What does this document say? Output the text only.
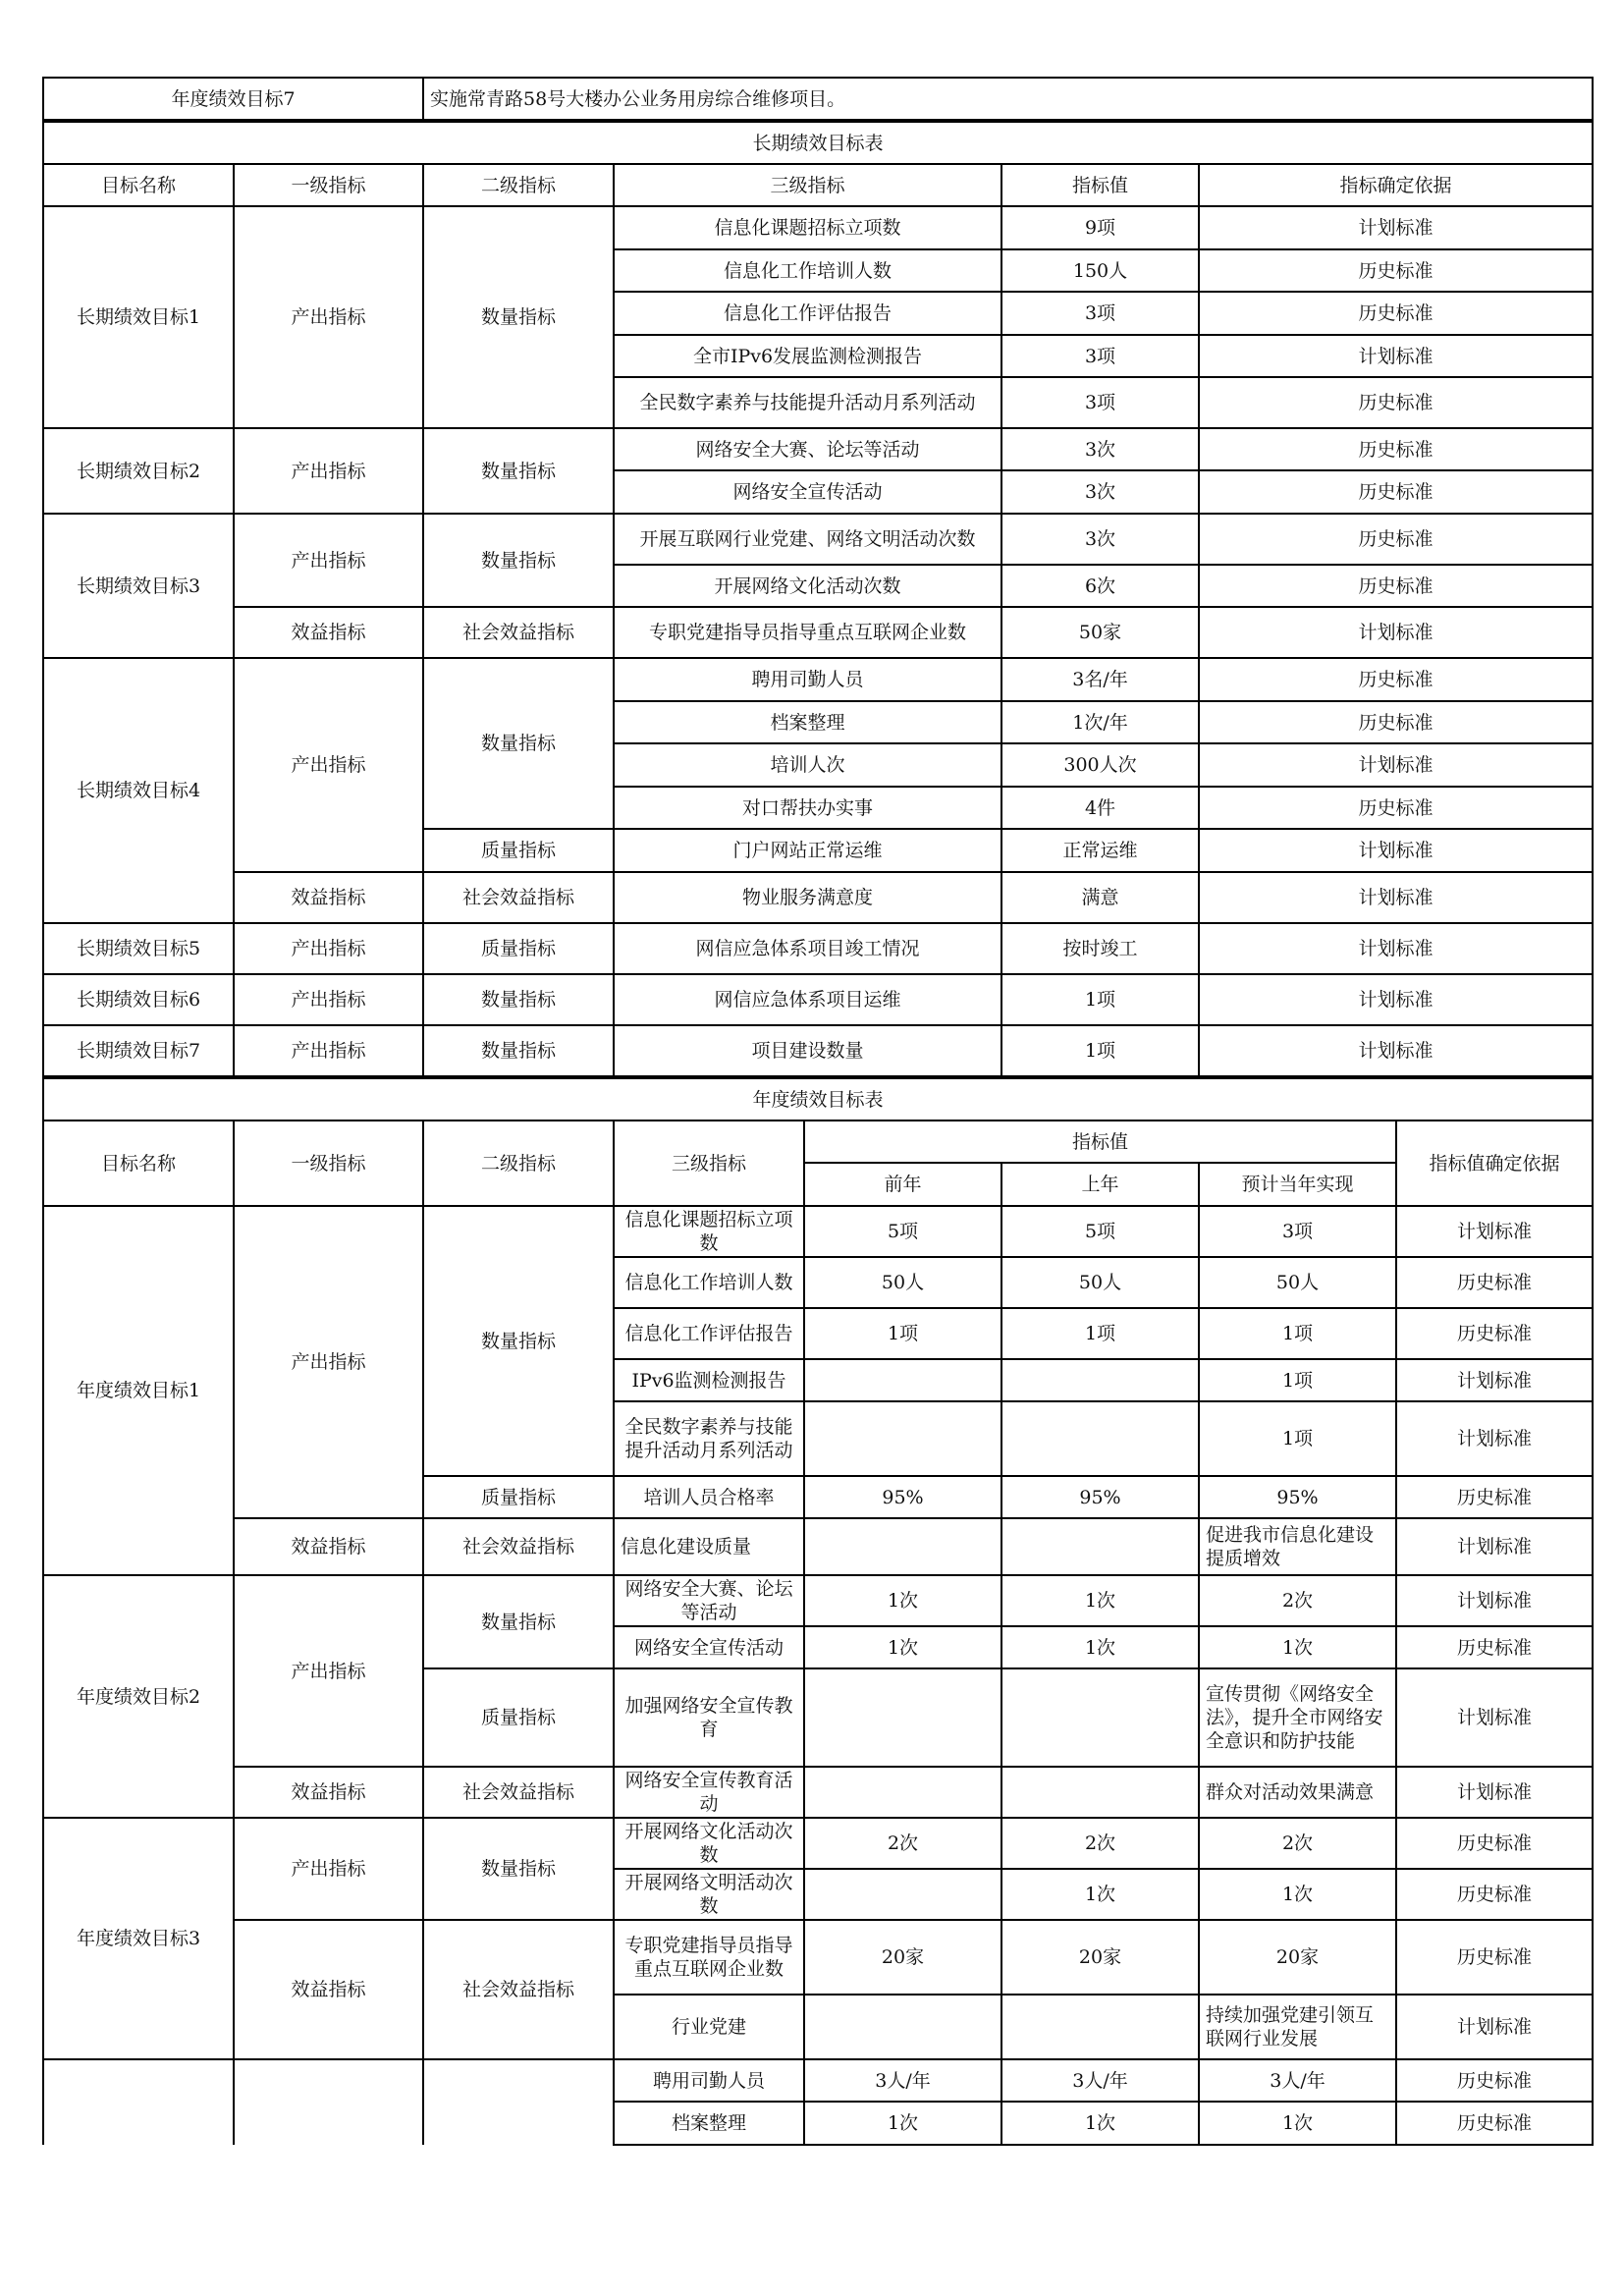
年度绩效目标7	实施常青路58号大楼办公业务用房综合维修项目。
长期绩效目标表					
目标名称	一级指标	二级指标	三级指标	指标值	指标确定依据
长期绩效目标1	产出指标	数量指标	信息化课题招标立项数	9项	计划标准
			信息化工作培训人数	150人	历史标准
			信息化工作评估报告	3项	历史标准
			全市IPv6发展监测检测报告	3项	计划标准
			全民数字素养与技能提升活动月系列活动	3项	历史标准
长期绩效目标2	产出指标	数量指标	网络安全大赛、论坛等活动	3次	历史标准
			网络安全宣传活动	3次	历史标准
长期绩效目标3	产出指标	数量指标	开展互联网行业党建、网络文明活动次数	3次	历史标准
			开展网络文化活动次数	6次	历史标准
	效益指标	社会效益指标	专职党建指导员指导重点互联网企业数	50家	计划标准
长期绩效目标4	产出指标	数量指标	聘用司勤人员	3名/年	历史标准
			档案整理	1次/年	历史标准
			培训人次	300人次	计划标准
			对口帮扶办实事	4件	历史标准
		质量指标	门户网站正常运维	正常运维	计划标准
	效益指标	社会效益指标	物业服务满意度	满意	计划标准
长期绩效目标5	产出指标	质量指标	网信应急体系项目竣工情况	按时竣工	计划标准
长期绩效目标6	产出指标	数量指标	网信应急体系项目运维	1项	计划标准
长期绩效目标7	产出指标	数量指标	项目建设数量	1项	计划标准
年度绩效目标表							
目标名称	一级指标	二级指标	三级指标	指标值			指标值确定依据
				前年	上年	预计当年实现	
年度绩效目标1	产出指标	数量指标	信息化课题招标立项数	5项	5项	3项	计划标准
			信息化工作培训人数	50人	50人	50人	历史标准
			信息化工作评估报告	1项	1项	1项	历史标准
			IPv6监测检测报告			1项	计划标准
			全民数字素养与技能提升活动月系列活动			1项	计划标准
		质量指标	培训人员合格率	95%	95%	95%	历史标准
	效益指标	社会效益指标	信息化建设质量			促进我市信息化建设提质增效	计划标准
年度绩效目标2	产出指标	数量指标	网络安全大赛、论坛等活动	1次	1次	2次	计划标准
			网络安全宣传活动	1次	1次	1次	历史标准
		质量指标	加强网络安全宣传教育			宣传贯彻《网络安全法》，提升全市网络安全意识和防护技能	计划标准
	效益指标	社会效益指标	网络安全宣传教育活动			群众对活动效果满意	计划标准
年度绩效目标3	产出指标	数量指标	开展网络文化活动次数	2次	2次	2次	历史标准
			开展网络文明活动次数		1次	1次	历史标准
	效益指标	社会效益指标	专职党建指导员指导重点互联网企业数	20家	20家	20家	历史标准
			行业党建			持续加强党建引领互联网行业发展	计划标准
			聘用司勤人员	3人/年	3人/年	3人/年	历史标准
			档案整理	1次	1次	1次	历史标准
